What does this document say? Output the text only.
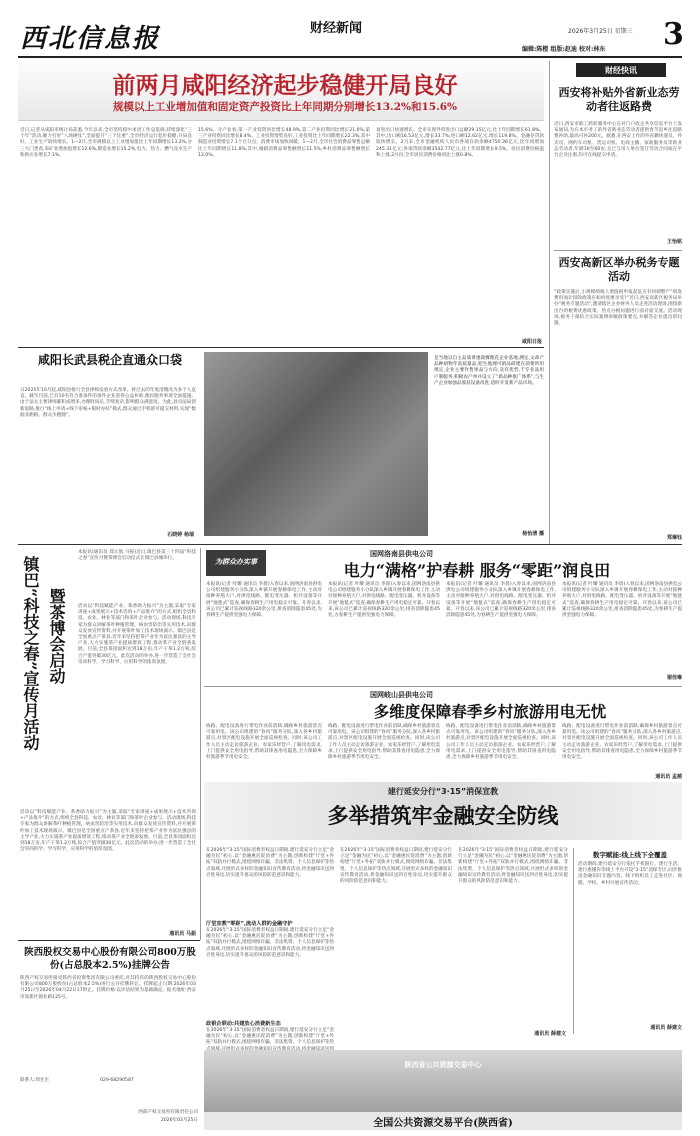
西北信息报	财经新闻	2026年3月25日 星期三 3
编辑:陈橙 组版:赵迪 校对:林东
前两月咸阳经济起步稳健开局良好
规模以上工业增加值和固定资产投资比上年同期分别增长13.2%和15.6%
近日,记者从咸阳市统计局获悉,今年以来,全市坚持稳中求进工作总基调,持续深化“三个年”活动,聚力打好“八场硬仗”,全面提升“三个比重”,全市经济运行起步稳健,开局良好。工业生产较快增长。1—2月,全市规模以上工业增加值比上年同期增长13.2%,分三大门类看,采矿业增加值增长12.6%,制造业增长15.2%,电力、热力、燃气及水生产和供应业增长7.1%。
15.6%。分产业看,第一产业投资同比增长48.9%,第二产业投资同比增长21.6%,第三产业投资同比增长8.4%。工业投资增势良好,工业投资比上年同期增长22.3%,其中制造业投资增长7.1个百分点。消费市场加快回暖。1—2月,全市社会消费品零售总额比上年同期增长11.8%,其中,城镇消费品零售额增长11.5%,乡村消费品零售额增长13.0%。
易进出口快速增长。全市实现外贸进出口总额29.15亿元,比上年同期增长61.8%。其中,出口额16.53亿元,增长33.7%;进口额12.62亿元,增长119.8%。金融存贷款较快增长。2月末,全市金融机构人民币各项存款余额4750.36亿元,比年初增加245.31亿元;各项贷款余额3542.77亿元,比上年同期增长9.5%。居民消费价格温和上涨,2月份,全市居民消费价格同比上涨0.8%。
咸阳日报
财经快讯
西安将补贴外省新业态劳动者往返路费
近日,西安市职工跨转服务中心在对门户政企共享信息平台上发布通知,为在本市务工的外省新业态劳动者提供春节返乡往返路费补助,最高可补200元。据悉,在西安工作的外省籍快递员、外卖员、网约车司机、货运司机、电商主播、家政服务员等新业态劳动者,年龄16至60岁,且已与用人单位签订劳动合同或在平台企业注册,均可在线提交申请。
王怡铭
西安高新区举办税务专题活动
“政策实施后,小规模纳税人增值税申报起征点有何调整?”“研发费用加计扣除政策应如何优惠享受?”近日,西安高新区税务局举办“税务专题活动”,邀请辖区企业财务人员走进活动现场,围绕新出台的税费优惠政策、热点办税问题进行面对面交流。活动现场,税务干部结合实际案例讲解政策要点,并解答企业提出的问题。
郑琳钰
咸阳长武县税企直通众口袋
日2025年10月起,咸阳县推行全县律师发放方式改革。将过去的年度清缴改为多个人直直、截至目前,已有10名符合准条件的条件企业获得公益补助,便民服务事项全面提速。由于法太主要律师累积成增多,办理时间长,手续复杂,影响群众满意度。为此,县司法局创新思路,推行“线上申请+线下审核+限时办结”模式,群众通过手机即可提交材料,实现“数据多跑路、群众少跑腿”。
石晓婷 杨瑞
是当地以自主品质黄重栽棵理花企业基地,测定,文却产品种研物年前质量品,把生地理可销品研建在前要所用规定,企业主要作售果品与方向,及有优势,于专业品用户制服务,积极农产单并设立了“新品种推广体系”,与生产企业加强品收获设备改进,适时开发新产品市场。
杨怡清 播
镇巴“科技之春”宣传月活动 暨茶博会启动
本报讯(通讯员 郑元航 马振)近日,镇巴县第三十四届“科技之春”宣传月暨茶博会启动仪式在镇巴县城举行。
活动以“科技赋能产业、茶香助力振兴”为主题,采取“专家讲座+成果展示+技术咨询+产品推介”的方式,组织全县科技、农业、林业等部门和茶叶企业参与。活动现场,科技专家为群众讲解茶叶种植管理、病虫害防治等实用技术,向群众发放宣传资料,并开展茶叶加工技术现场演示。镇巴县是全国重点产茶县,近年来坚持把茶产业作为富民强县的主导产业,大力实施茶产业提质增效工程,推动茶产业全链条发展。目前,全县茶园面积达到18万亩,年产干茶1.2万吨,综合产值突破30亿元。此次活动的举办,进一步营造了全社会崇尚科学、学习科学、应用科学的浓厚氛围。
活动以“科技赋能产业、茶香助力振兴”为主题,采取“专家讲座+成果展示+技术咨询+产品推介”的方式,组织全县科技、农业、林业等部门和茶叶企业参与。活动现场,科技专家为群众讲解茶叶种植管理、病虫害防治等实用技术,向群众发放宣传资料,并开展茶叶加工技术现场演示。镇巴县是全国重点产茶县,近年来坚持把茶产业作为富民强县的主导产业,大力实施茶产业提质增效工程,推动茶产业全链条发展。目前,全县茶园面积达到18万亩,年产干茶1.2万吨,综合产值突破30亿元。此次活动的举办,进一步营造了全社会崇尚科学、学习科学、应用科学的浓厚氛围。
通讯员 马振
为群众办实事
国网洛南县供电公司
电力“满格”护春耕 服务“零距”润良田
本报讯(记者 叶耀 通讯员 李晨)入春以来,国网洛南县供电公司组建服务小分队深入乡镇开展春耕保电工作,主动对接种养殖大户,对供电线路、配电变压器、机井设备等开展“地毯式”巡查,确保春耕生产用电稳定可靠。开春以来,该公司已累计巡视线路320余公里,排查消除隐患45处,为春耕生产提供坚强电力保障。
本报讯(记者 叶耀 通讯员 李晨)入春以来,国网洛南县供电公司组建服务小分队深入乡镇开展春耕保电工作,主动对接种养殖大户,对供电线路、配电变压器、机井设备等开展“地毯式”巡查,确保春耕生产用电稳定可靠。开春以来,该公司已累计巡视线路320余公里,排查消除隐患45处,为春耕生产提供坚强电力保障。
本报讯(记者 叶耀 通讯员 李晨)入春以来,国网洛南县供电公司组建服务小分队深入乡镇开展春耕保电工作,主动对接种养殖大户,对供电线路、配电变压器、机井设备等开展“地毯式”巡查,确保春耕生产用电稳定可靠。开春以来,该公司已累计巡视线路320余公里,排查消除隐患45处,为春耕生产提供坚强电力保障。
本报讯(记者 叶耀 通讯员 李晨)入春以来,国网洛南县供电公司组建服务小分队深入乡镇开展春耕保电工作,主动对接种养殖大户,对供电线路、配电变压器、机井设备等开展“地毯式”巡查,确保春耕生产用电稳定可靠。开春以来,该公司已累计巡视线路320余公里,排查消除隐患45处,为春耕生产提供坚强电力保障。
谢佳琳
国网岐山县供电公司
多维度保障春季乡村旅游用电无忧
线路、配电设备进行带电作业前消缺,确保乡村旅游景点可靠用电。该公司组建的“春风”服务分队,深入各乡村旅游点,对景区配电设施开展全面巡视检查。同时,该公司工作人员主动走访旅游企业、农家乐经营户,了解用电需求,上门提供安全用电指导,帮助其排查用电隐患,全力保障乡村旅游季节用电安全。
线路、配电设备进行带电作业前消缺,确保乡村旅游景点可靠用电。该公司组建的“春风”服务分队,深入各乡村旅游点,对景区配电设施开展全面巡视检查。同时,该公司工作人员主动走访旅游企业、农家乐经营户,了解用电需求,上门提供安全用电指导,帮助其排查用电隐患,全力保障乡村旅游季节用电安全。
线路、配电设备进行带电作业前消缺,确保乡村旅游景点可靠用电。该公司组建的“春风”服务分队,深入各乡村旅游点,对景区配电设施开展全面巡视检查。同时,该公司工作人员主动走访旅游企业、农家乐经营户,了解用电需求,上门提供安全用电指导,帮助其排查用电隐患,全力保障乡村旅游季节用电安全。
线路、配电设备进行带电作业前消缺,确保乡村旅游景点可靠用电。该公司组建的“春风”服务分队,深入各乡村旅游点,对景区配电设施开展全面巡视检查。同时,该公司工作人员主动走访旅游企业、农家乐经营户,了解用电需求,上门提供安全用电指导,帮助其排查用电隐患,全力保障乡村旅游季节用电安全。
通讯员 孟越
建行延安分行“3·15”消保宣教
多举措筑牢金融安全防线
在2026年“3·15”国际消费者权益日期间,建行延安分行立足“金融为民”初心,以“金融惠民促消费”为主题,创新构建“厅堂+外拓”双轨并行模式,围绕网络诈骗、非法集资、个人信息保护等热点领域,开展形式多样的金融知识宣传教育活动,将金融知识送到百姓身边,切实提升群众的风险防范意识和能力。
厅堂宣教“零距”,流动人群的金融守护
在2026年“3·15”国际消费者权益日期间,建行延安分行立足“金融为民”初心,以“金融惠民促消费”为主题,创新构建“厅堂+外拓”双轨并行模式,围绕网络诈骗、非法集资、个人信息保护等热点领域,开展形式多样的金融知识宣传教育活动,将金融知识送到百姓身边,切实提升群众的风险防范意识和能力。
政银企联动:共建放心消费新生态
在2026年“3·15”国际消费者权益日期间,建行延安分行立足“金融为民”初心,以“金融惠民促消费”为主题,创新构建“厅堂+外拓”双轨并行模式,围绕网络诈骗、非法集资、个人信息保护等热
在2026年“3·15”国际消费者权益日期间,建行延安分行立足“金融为民”初心,以“金融惠民促消费”为主题,创新构建“厅堂+外拓”双轨并行模式,围绕网络诈骗、非法集资、个人信息保护等热点领域,开展形式多样的金融知识宣传教育活动,将金融知识送到百姓身边,切实提升群众的风险防范意识和能力。
在2026年“3·15”国际消费者权益日期间,建行延安分行立足“金融为民”初心,以“金融惠民促消费”为主题,创新构建“厅堂+外拓”双轨并行模式,围绕网络诈骗、非法集资、个人信息保护等热点领域,开展形式多样的金融知识宣传教育活动,将金融知识送到百姓身边,切实提升群众的风险防范意识和能力。
通讯员 薛建文
数字赋能:线上线下全覆盖
活动期间,建行延安分行依托手机银行、建行生活、建行惠懂你等线上平台开设“3·15”消保专区,同步推送金融知识专题内容。线下组织员工走进社区、商圈、学校、乡村开展宣传活动。
通讯员 薛建文
陕西股权交易中心股份有限公司800万股份(占总股本2.5%)挂牌公告
陕西产权交易所接受陕西省投资集团有限公司委托,对其持有的陕西股权交易中心股份有限公司800万股股份(占总股本2.5%)进行公开挂牌转让。挂牌起止日期:2026年03月25日至2026年04月22日17时止。挂牌价格:以评估结果为基础确定。报名地址:西安市高新区锦业路125号。
联系人:周先生	029-68290587
西部产权交易所有限责任公司
2026年03月25日	全国公共资源交易平台(陕西省)
陕西省公共资源交易中心
